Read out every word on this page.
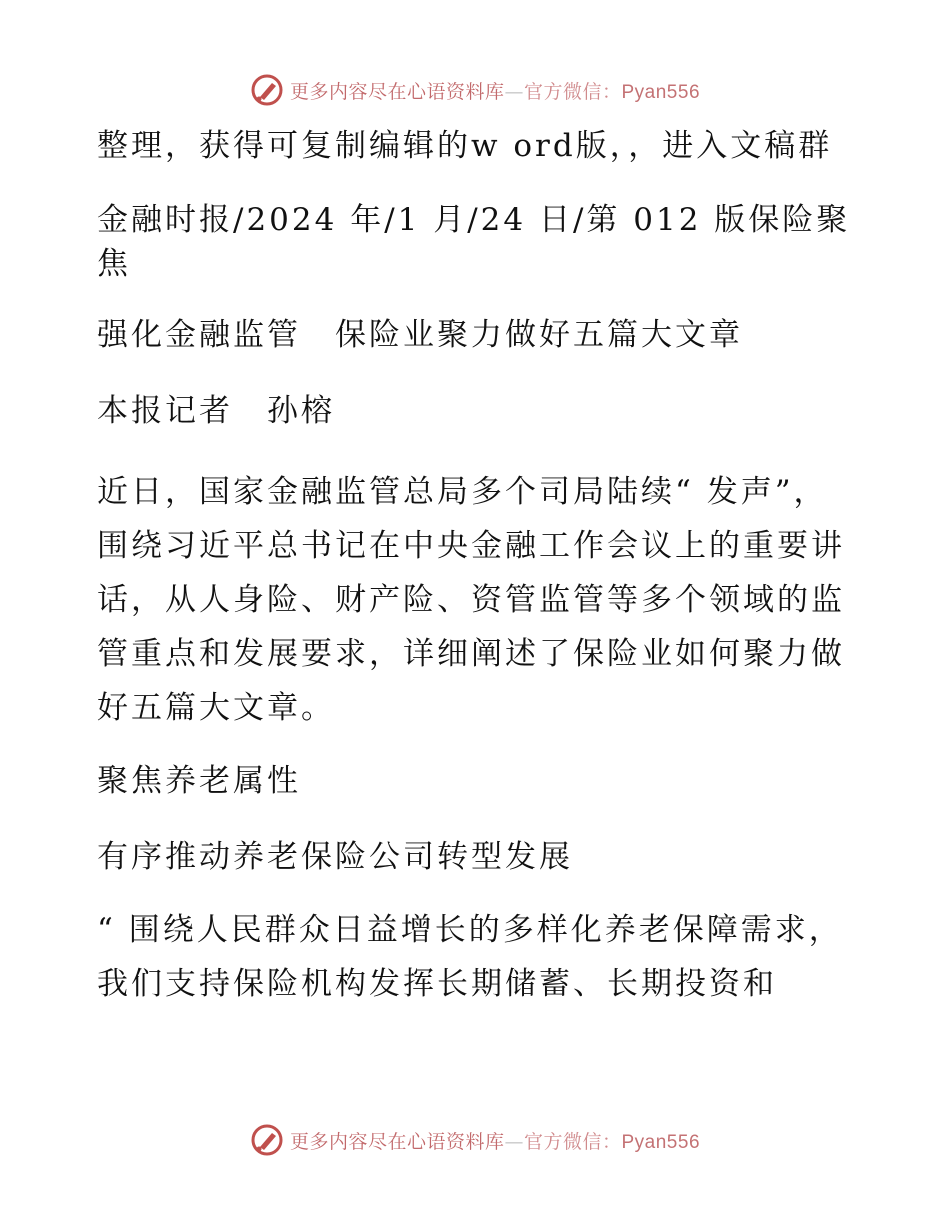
更多内容尽在心语资料库—官方微信：Pyan556

整理，获得可复制编辑的w ord版，，进入文稿群

金融时报/2024 年/1 月/24 日/第 012 版保险聚焦

强化金融监管　保险业聚力做好五篇大文章

本报记者　孙榕

近日，国家金融监管总局多个司局陆续“ 发声”，围绕习近平总书记在中央金融工作会议上的重要讲话，从人身险、财产险、资管监管等多个领域的监管重点和发展要求，详细阐述了保险业如何聚力做好五篇大文章。

聚焦养老属性

有序推动养老保险公司转型发展

“ 围绕人民群众日益增长的多样化养老保障需求，我们支持保险机构发挥长期储蓄、长期投资和

更多内容尽在心语资料库—官方微信：Pyan556
